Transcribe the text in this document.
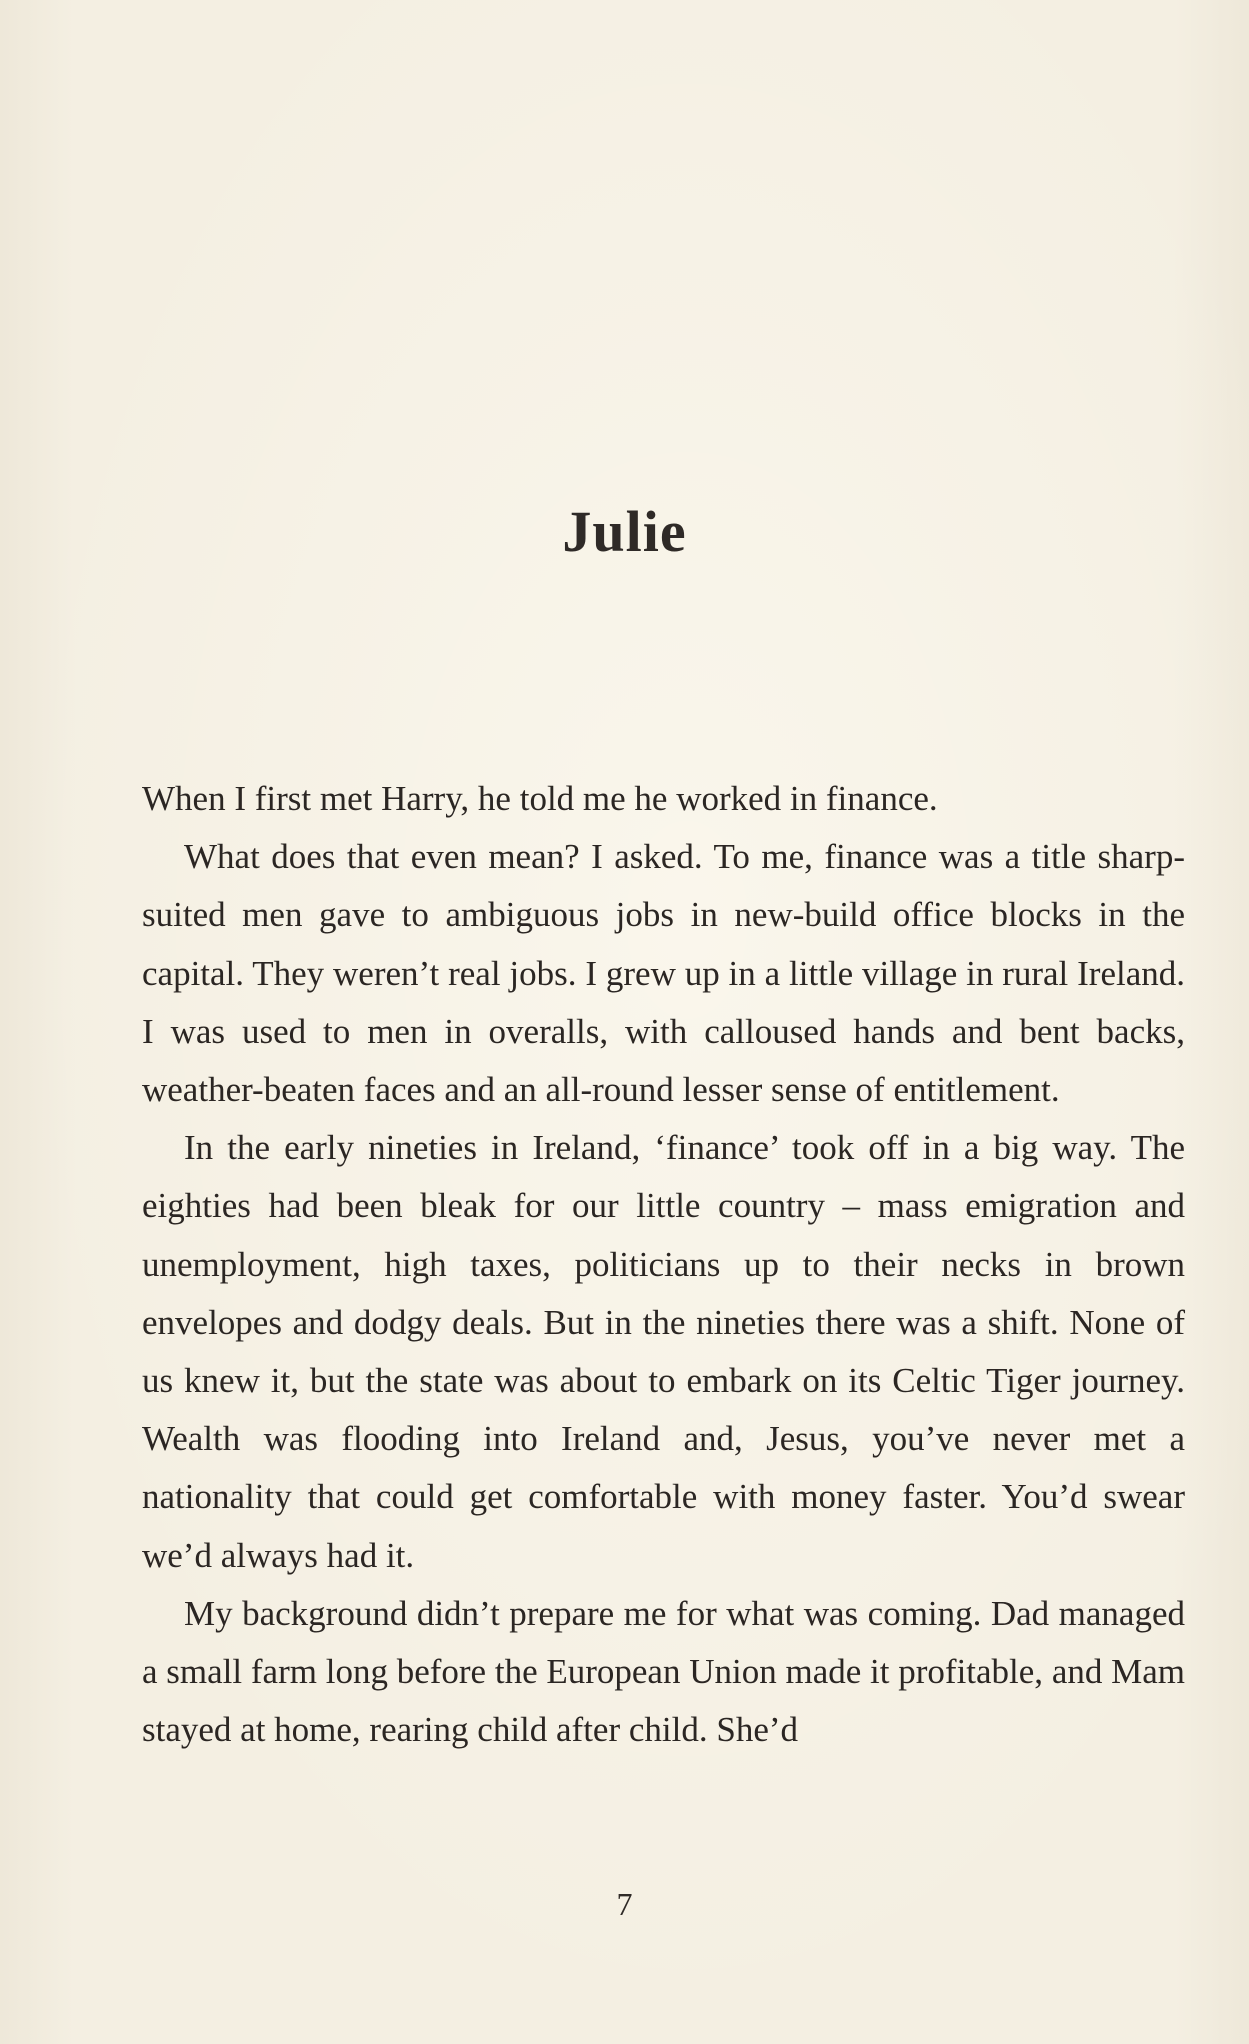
Julie

When I first met Harry, he told me he worked in finance.

What does that even mean? I asked. To me, finance was a title sharp-suited men gave to ambiguous jobs in new-build office blocks in the capital. They weren’t real jobs. I grew up in a little village in rural Ireland. I was used to men in overalls, with calloused hands and bent backs, weather-beaten faces and an all-round lesser sense of entitlement.

In the early nineties in Ireland, ‘finance’ took off in a big way. The eighties had been bleak for our little country – mass emigration and unemployment, high taxes, politicians up to their necks in brown envelopes and dodgy deals. But in the nineties there was a shift. None of us knew it, but the state was about to embark on its Celtic Tiger journey. Wealth was flooding into Ireland and, Jesus, you’ve never met a nationality that could get comfortable with money faster. You’d swear we’d always had it.

My background didn’t prepare me for what was coming. Dad managed a small farm long before the European Union made it profitable, and Mam stayed at home, rearing child after child. She’d

7
